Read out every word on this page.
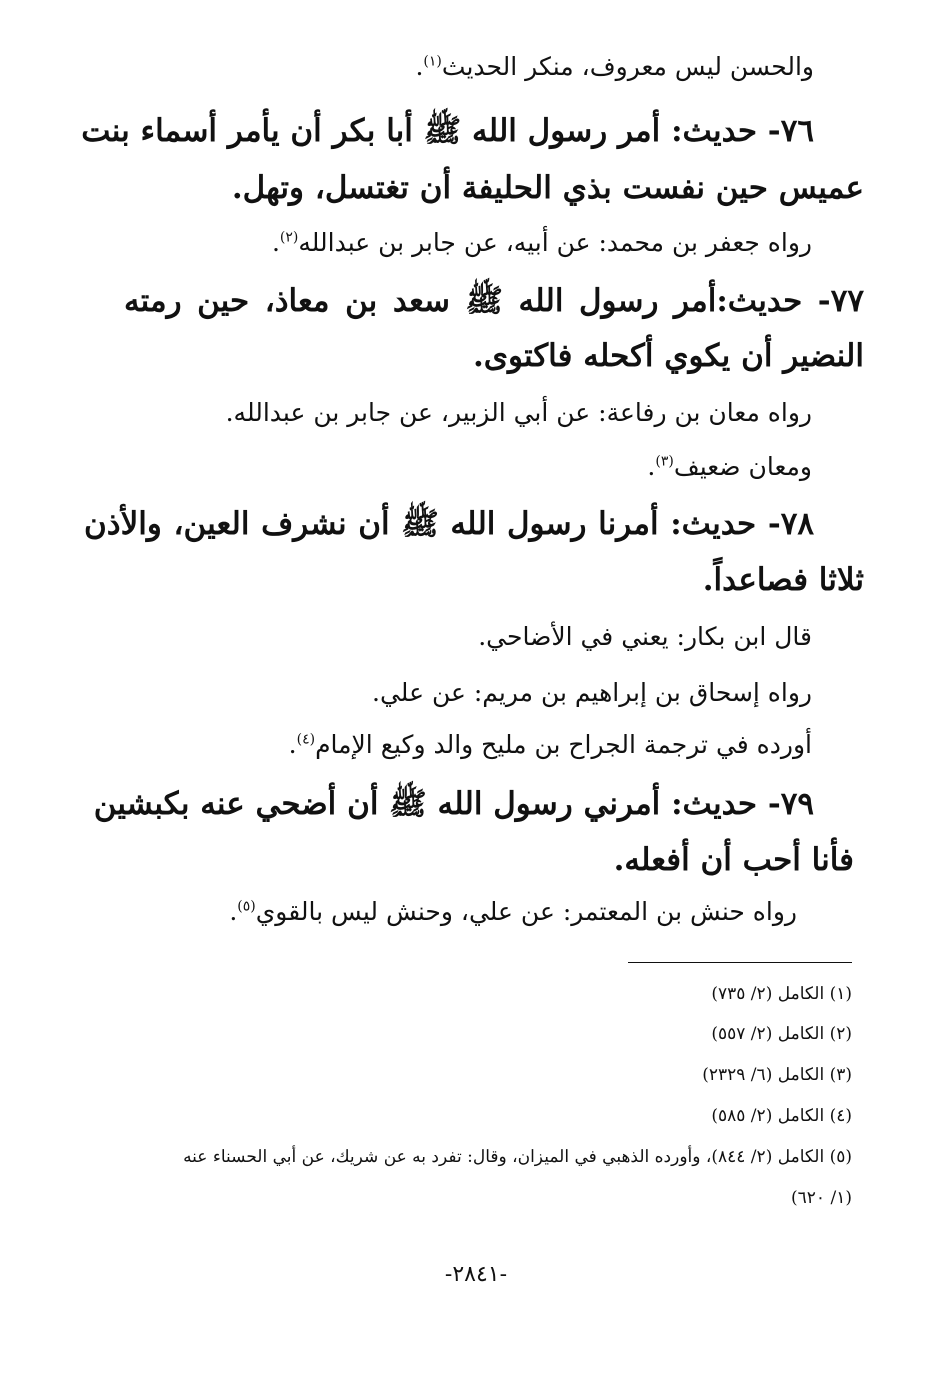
والحسن ليس معروف، منكر الحديث$^{(١)}$.
٧٦- حديث: أمر رسول الله ﷺ أبا بكر أن يأمر أسماء بنت
عميس حين نفست بذي الحليفة أن تغتسل، وتهل.
رواه جعفر بن محمد: عن أبيه، عن جابر بن عبدالله$^{(٢)}$.
٧٧- حديث:أمر رسول الله ﷺ سعد بن معاذ، حين رمته
النضير أن يكوي أكحله فاكتوى.
رواه معان بن رفاعة: عن أبي الزبير، عن جابر بن عبدالله.
ومعان ضعيف$^{(٣)}$.
٧٨- حديث: أمرنا رسول الله ﷺ أن نشرف العين، والأذن
ثلاثا فصاعداً.
قال ابن بكار: يعني في الأضاحي.
رواه إسحاق بن إبراهيم بن مريم: عن علي.
أورده في ترجمة الجراح بن مليح والد وكيع الإمام$^{(٤)}$.
٧٩- حديث: أمرني رسول الله ﷺ أن أضحي عنه بكبشين
فأنا أحب أن أفعله.
رواه حنش بن المعتمر: عن علي، وحنش ليس بالقوي$^{(٥)}$.
(١) الكامل (٢/ ٧٣٥)
(٢) الكامل (٢/ ٥٥٧)
(٣) الكامل (٦/ ٢٣٢٩)
(٤) الكامل (٢/ ٥٨٥)
(٥) الكامل (٢/ ٨٤٤)، وأورده الذهبي في الميزان، وقال: تفرد به عن شريك، عن أبي الحسناء عنه
(١/ ٦٢٠)
-٢٨٤١-
